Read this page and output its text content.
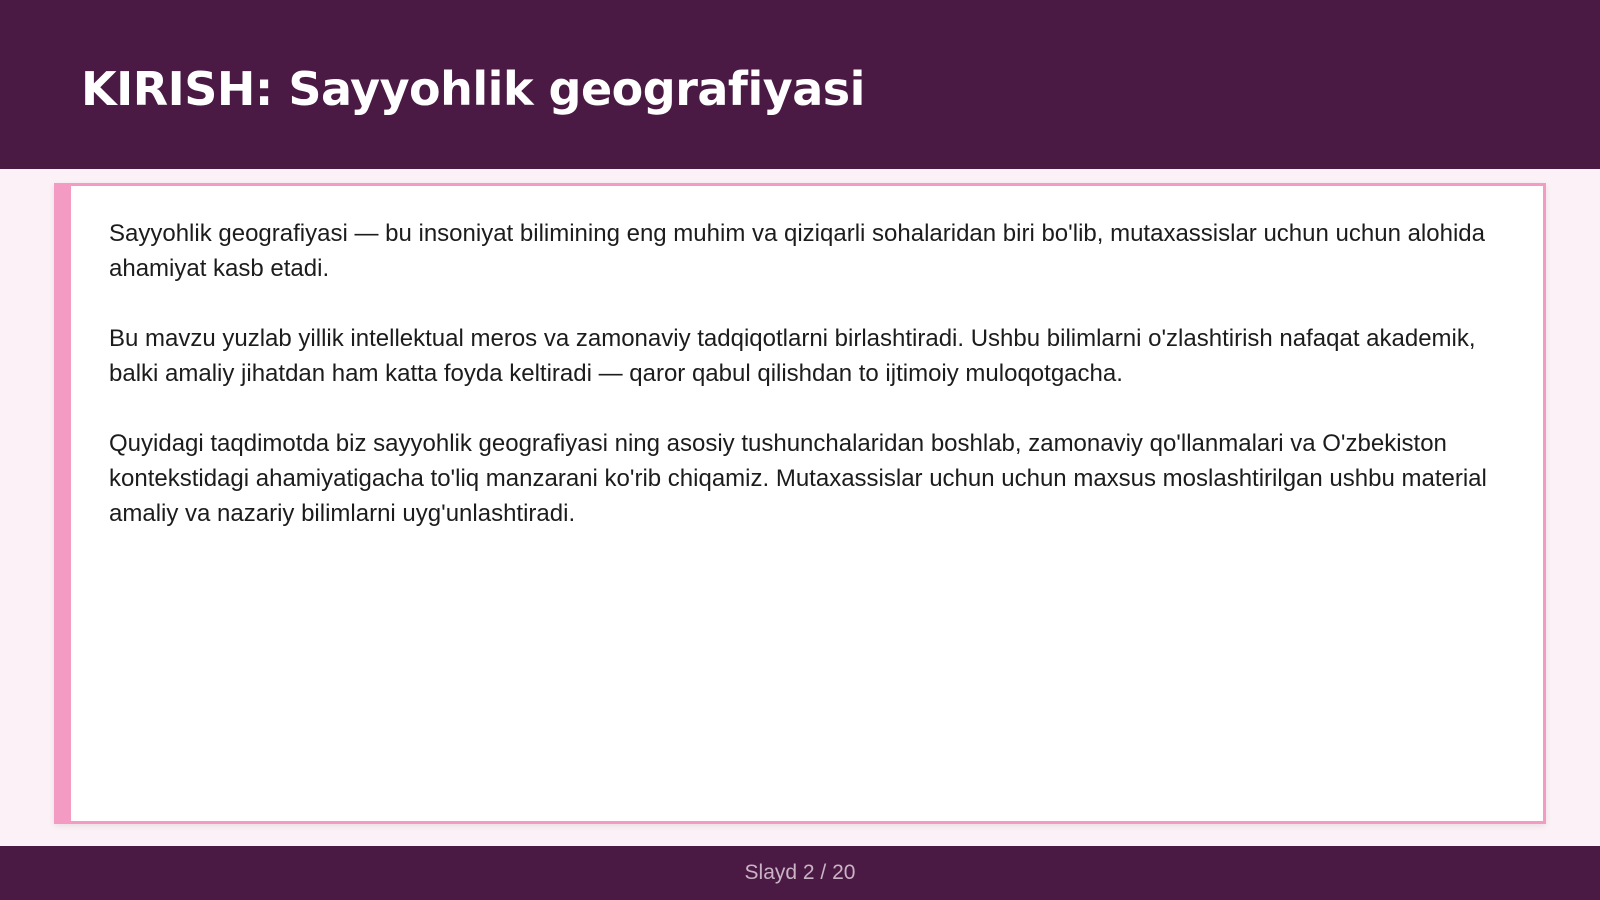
KIRISH: Sayyohlik geografiyasi

Sayyohlik geografiyasi — bu insoniyat bilimining eng muhim va qiziqarli sohalaridan biri bo'lib, mutaxassislar uchun uchun alohida ahamiyat kasb etadi.

Bu mavzu yuzlab yillik intellektual meros va zamonaviy tadqiqotlarni birlashtiradi. Ushbu bilimlarni o'zlashtirish nafaqat akademik, balki amaliy jihatdan ham katta foyda keltiradi — qaror qabul qilishdan to ijtimoiy muloqotgacha.

Quyidagi taqdimotda biz sayyohlik geografiyasi ning asosiy tushunchalaridan boshlab, zamonaviy qo'llanmalari va O'zbekiston kontekstidagi ahamiyatigacha to'liq manzarani ko'rib chiqamiz. Mutaxassislar uchun uchun maxsus moslashtirilgan ushbu material amaliy va nazariy bilimlarni uyg'unlashtiradi.

Slayd 2 / 20
